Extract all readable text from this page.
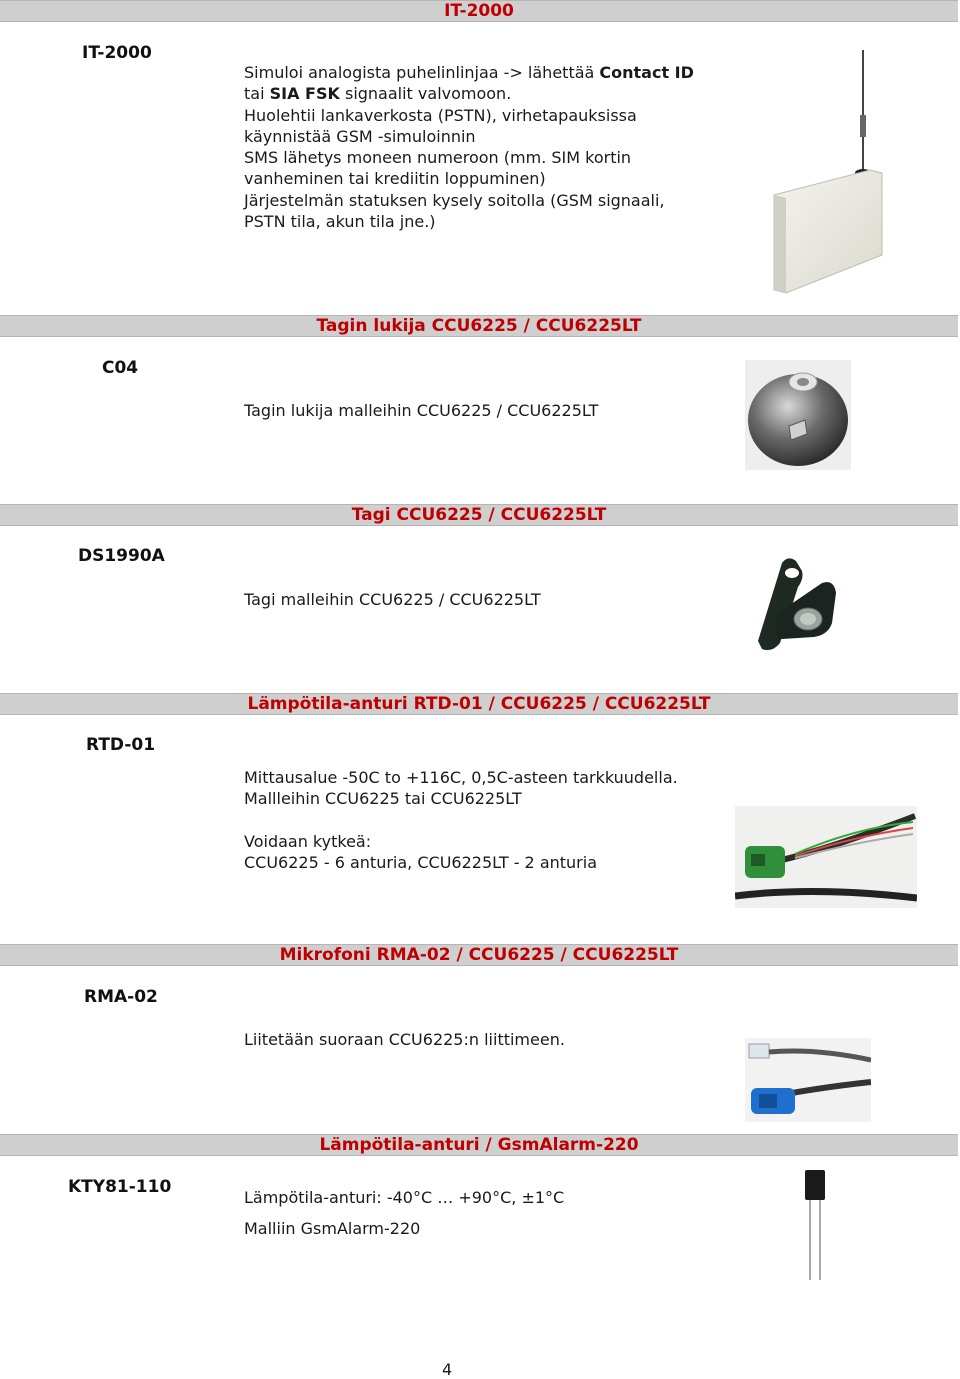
IT-2000
IT-2000
Simuloi analogista puhelinlinjaa -> lähettää Contact ID
tai SIA FSK signaalit valvomoon.
Huolehtii lankaverkosta (PSTN), virhetapauksissa
käynnistää GSM -simuloinnin
SMS lähetys moneen numeroon (mm. SIM kortin
vanheminen tai krediitin loppuminen)
Järjestelmän statuksen kysely soitolla (GSM signaali,
PSTN tila, akun tila jne.)
Tagin lukija CCU6225 / CCU6225LT
C04
Tagin lukija malleihin CCU6225 / CCU6225LT
Tagi CCU6225 / CCU6225LT
DS1990A
Tagi malleihin CCU6225 / CCU6225LT
Lämpötila-anturi RTD-01 / CCU6225 / CCU6225LT
RTD-01
Mittausalue -50C to +116C, 0,5C-asteen tarkkuudella.
Mallleihin CCU6225 tai CCU6225LT

Voidaan kytkeä:
CCU6225 - 6 anturia, CCU6225LT - 2 anturia
Mikrofoni RMA-02 / CCU6225 / CCU6225LT
RMA-02
Liitetään suoraan CCU6225:n liittimeen.
Lämpötila-anturi / GsmAlarm-220
KTY81-110
Lämpötila-anturi: -40°C … +90°C, ±1°C

Malliin GsmAlarm-220
4
